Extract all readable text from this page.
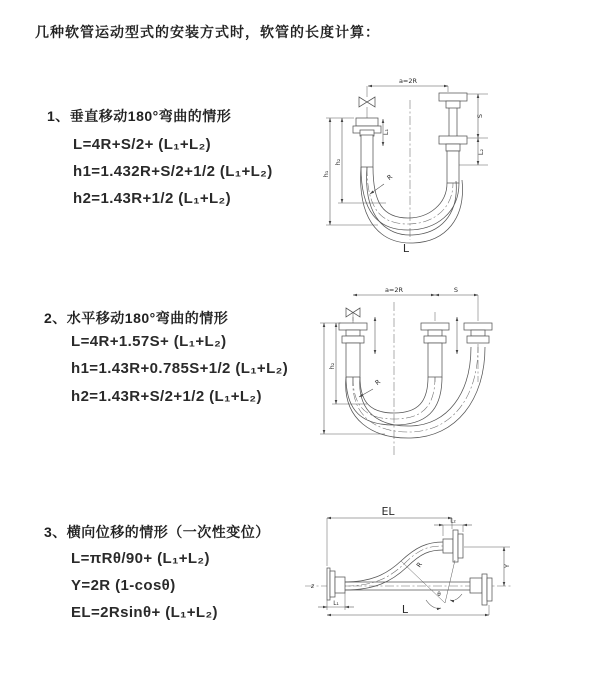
几种软管运动型式的安装方式时，软管的长度计算：
1、垂直移动180°弯曲的情形
L=4R+S/2+ (L₁+L₂)
h1=1.432R+S/2+1/2 (L₁+L₂)
h2=1.43R+1/2 (L₁+L₂)
2、水平移动180°弯曲的情形
L=4R+1.57S+ (L₁+L₂)
h1=1.43R+0.785S+1/2 (L₁+L₂)
h2=1.43R+S/2+1/2 (L₁+L₂)
3、横向位移的情形（一次性变位）
L=πRθ/90+ (L₁+L₂)
Y=2R (1-cosθ)
EL=2Rsinθ+ (L₁+L₂)
a=2R
S
L₂
L₁
h₁
h₂
R
L
a=2R	S
h₂
R
EL
L₂
Y
θ
R
L₁	L
z
